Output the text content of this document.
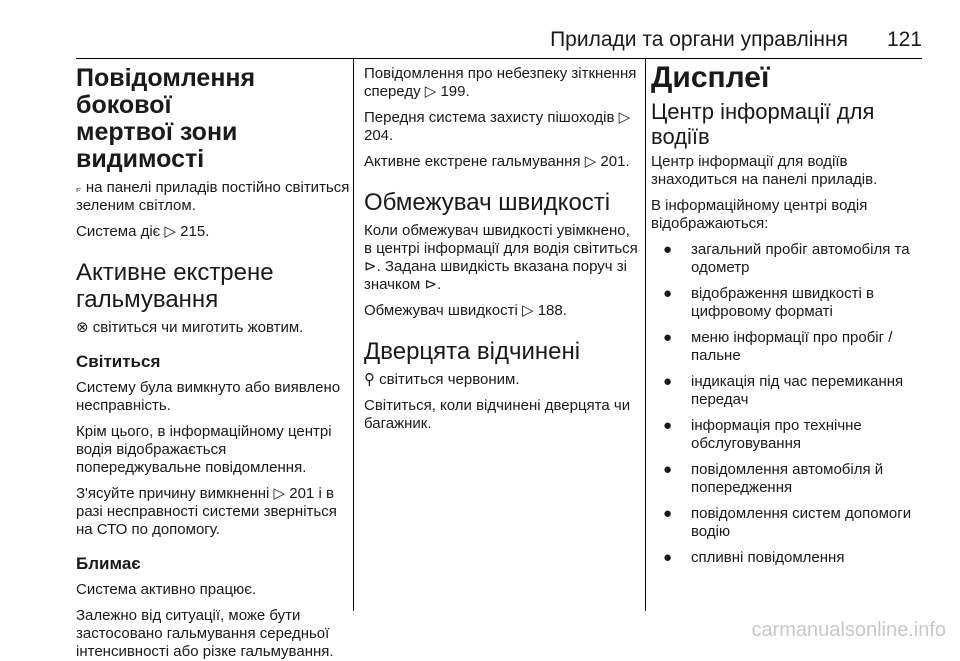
Прилади та органи управління 121
Повідомлення бокової
мертвої зони видимості

⟔ на панелі приладів постійно світиться зеленим світлом.

Система діє ▷ 215.

Активне екстрене
гальмування

⊗ світиться чи миготить жовтим.

Світиться

Систему була вимкнуто або виявлено несправність.

Крім цього, в інформаційному центрі водія відображається попереджувальне повідомлення.

З'ясуйте причину вимкненні ▷ 201 і в разі несправності системи зверніться на СТО по допомогу.

Блимає

Система активно працює.

Залежно від ситуації, може бути застосовано гальмування середньої інтенсивності або різке гальмування.

Повідомлення про небезпеку зіткнення спереду ▷ 199.

Передня система захисту пішоходів ▷ 204.

Активне екстрене гальмування ▷ 201.

Обмежувач швидкості

Коли обмежувач швидкості увімкнено, в центрі інформації для водія світиться ⊳. Задана швидкість вказана поруч зі значком ⊳.

Обмежувач швидкості ▷ 188.

Дверцята відчинені

⚲ світиться червоним.

Світиться, коли відчинені дверцята чи багажник.

Дисплеї
Центр інформації для
водіїв

Центр інформації для водіїв знаходиться на панелі приладів.

В інформаційному центрі водія відображаються:

● загальний пробіг автомобіля та одометр
● відображення швидкості в цифровому форматі
● меню інформації про пробіг / пальне
● індикація під час перемикання передач
● інформація про технічне обслуговування
● повідомлення автомобіля й попередження
● повідомлення систем допомоги водію
● спливні повідомлення
carmanualsonline.info
